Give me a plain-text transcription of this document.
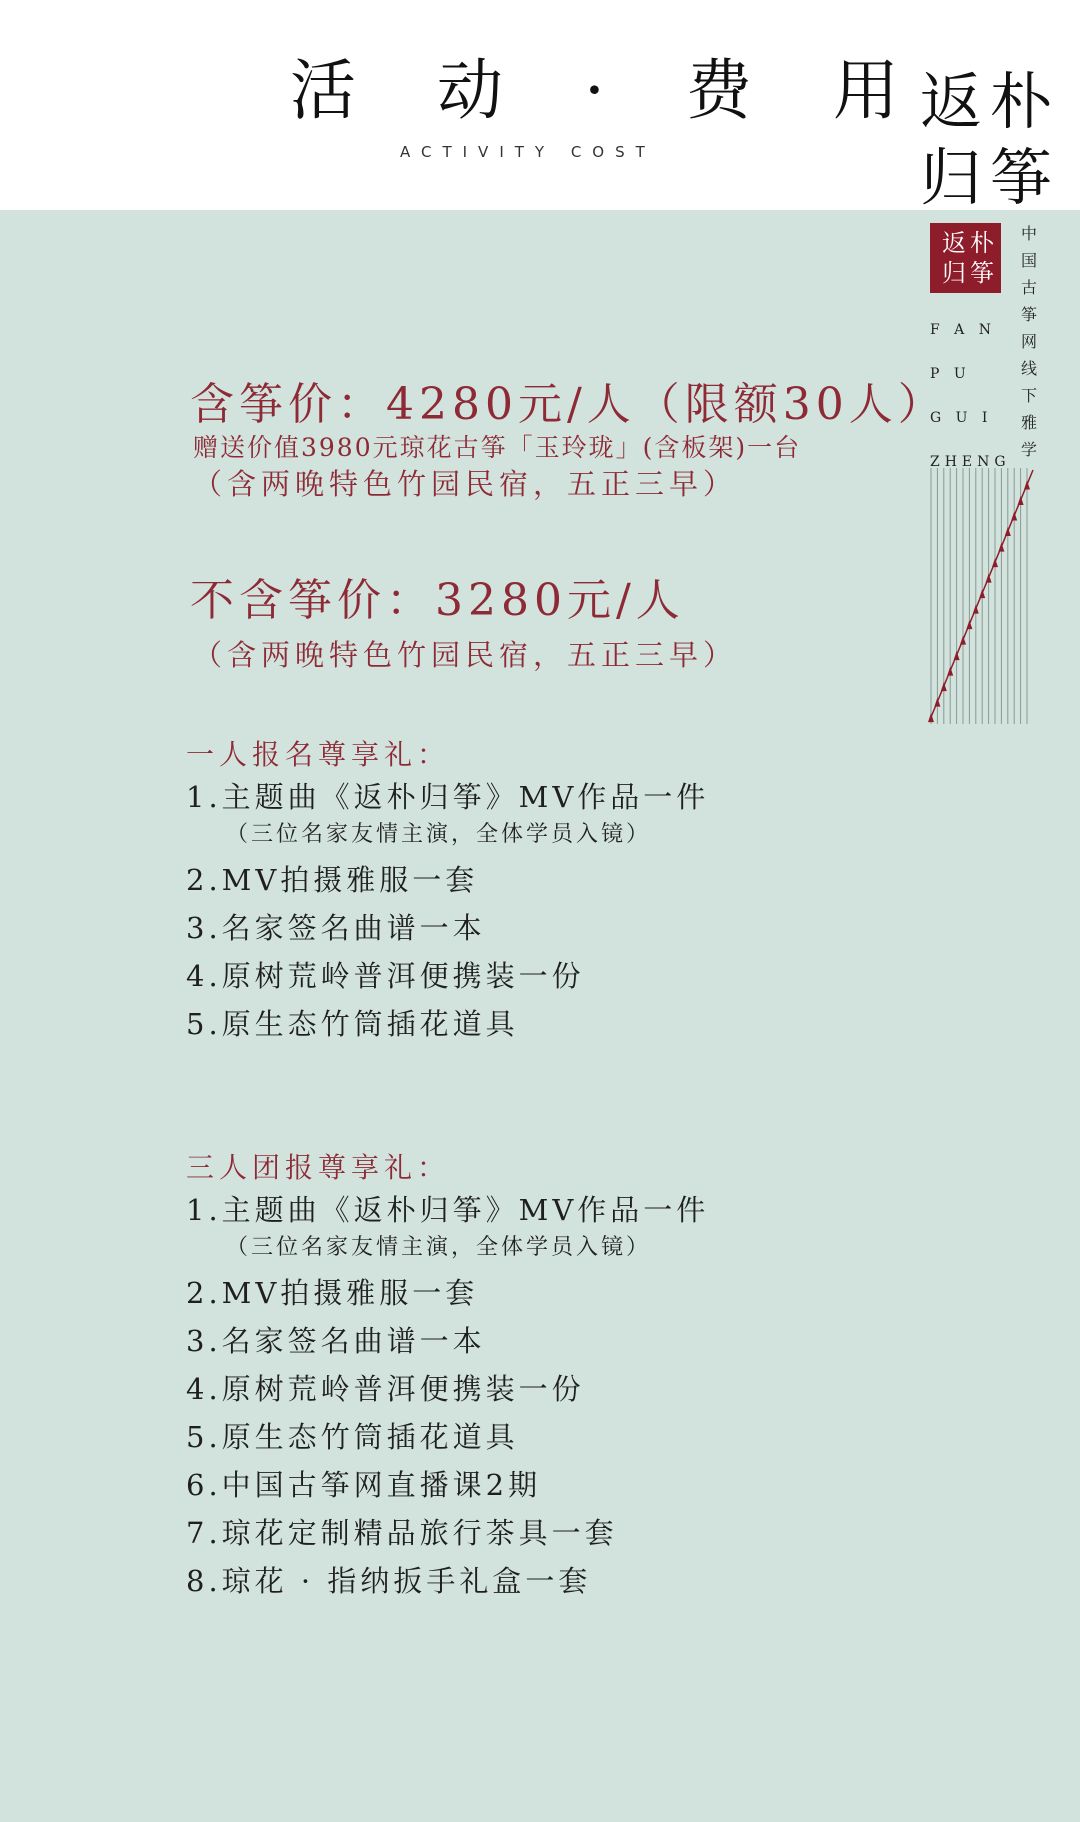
活 动 · 费 用
ACTIVITY COST
返朴
归筝
返朴
归筝
中国古筝网线下雅学
F A N
P U
G U I
ZHENG
含筝价：4280元/人（限额30人）
赠送价值3980元琼花古筝「玉玲珑」(含板架)一台
（含两晚特色竹园民宿，五正三早）
不含筝价：3280元/人
（含两晚特色竹园民宿，五正三早）
一人报名尊享礼：
1.主题曲《返朴归筝》MV作品一件
（三位名家友情主演，全体学员入镜）
2.MV拍摄雅服一套
3.名家签名曲谱一本
4.原树荒岭普洱便携装一份
5.原生态竹筒插花道具
三人团报尊享礼：
1.主题曲《返朴归筝》MV作品一件
（三位名家友情主演，全体学员入镜）
2.MV拍摄雅服一套
3.名家签名曲谱一本
4.原树荒岭普洱便携装一份
5.原生态竹筒插花道具
6.中国古筝网直播课2期
7.琼花定制精品旅行茶具一套
8.琼花 · 指纳扳手礼盒一套
